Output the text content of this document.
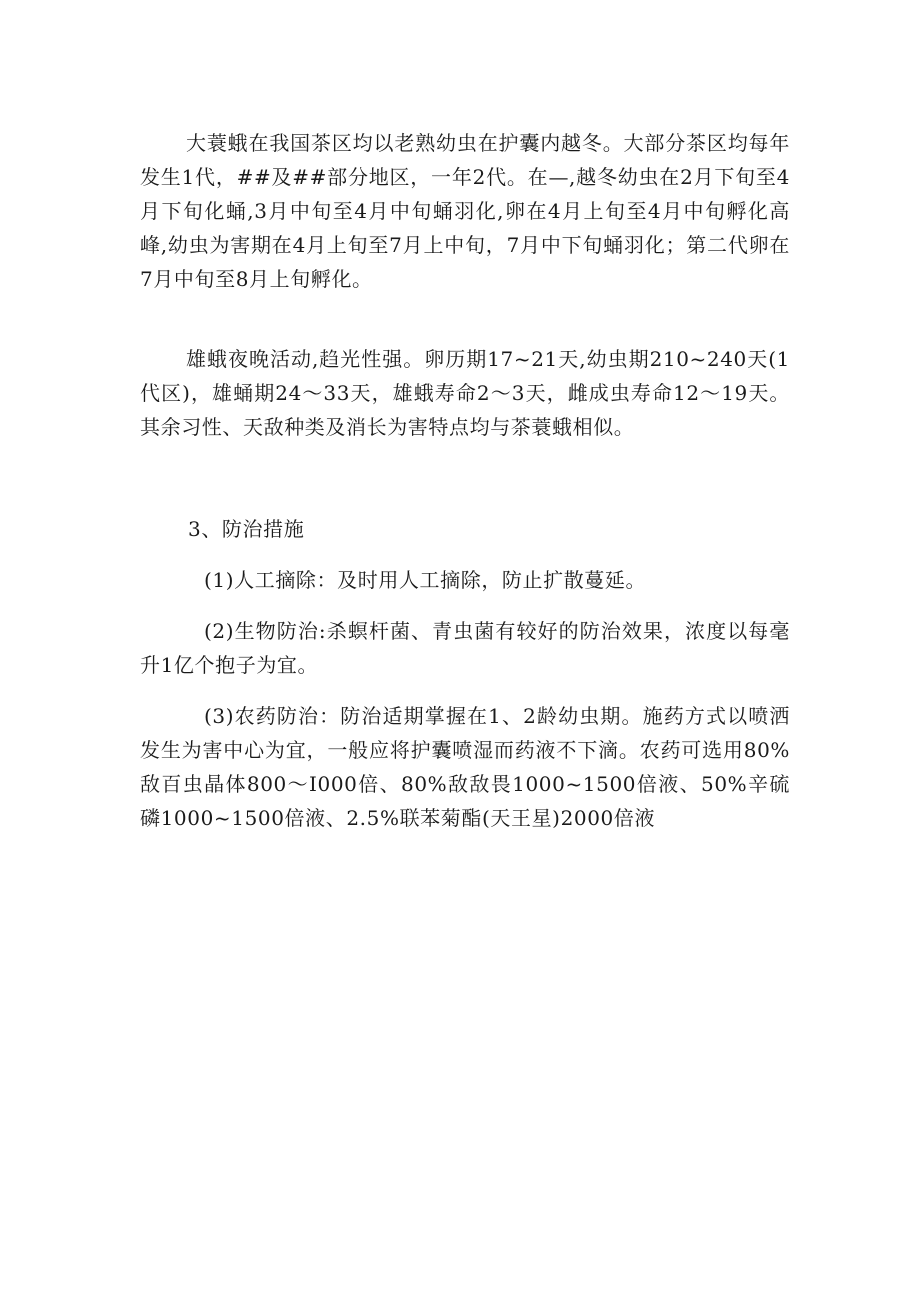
大蓑蛾在我国茶区均以老熟幼虫在护囊内越冬。大部分茶区均每年发生1代，##及##部分地区，一年2代。在—,越冬幼虫在2月下旬至4月下旬化蛹,3月中旬至4月中旬蛹羽化,卵在4月上旬至4月中旬孵化高峰,幼虫为害期在4月上旬至7月上中旬，7月中下旬蛹羽化；第二代卵在7月中旬至8月上旬孵化。

雄蛾夜晚活动,趋光性强。卵历期17~21天,幼虫期210~240天(1代区)，雄蛹期24～33天，雄蛾寿命2～3天，雌成虫寿命12～19天。其余习性、天敌种类及消长为害特点均与茶蓑蛾相似。

3、防治措施

(1)人工摘除：及时用人工摘除，防止扩散蔓延。

(2)生物防治:杀螟杆菌、青虫菌有较好的防治效果，浓度以每毫升1亿个抱子为宜。

(3)农药防治：防治适期掌握在1、2龄幼虫期。施药方式以喷洒发生为害中心为宜，一般应将护囊喷湿而药液不下滴。农药可选用80%敌百虫晶体800～I000倍、80%敌敌畏1000~1500倍液、50%辛硫磷1000~1500倍液、2.5%联苯菊酯(天王星)2000倍液
